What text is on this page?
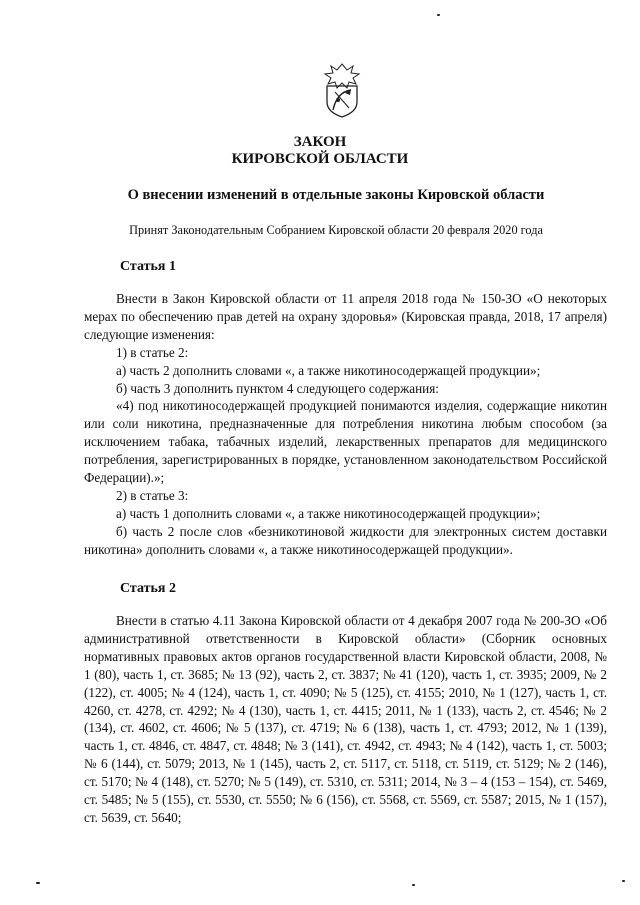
ЗАКОН
КИРОВСКОЙ ОБЛАСТИ
О внесении изменений в отдельные законы Кировской области
Принят Законодательным Собранием Кировской области 20 февраля 2020 года
Статья 1

Внести в Закон Кировской области от 11 апреля 2018 года № 150-ЗО «О некоторых мерах по обеспечению прав детей на охрану здоровья» (Кировская правда, 2018, 17 апреля) следующие изменения:

1) в статье 2:

а) часть 2 дополнить словами «, а также никотиносодержащей продукции»;

б) часть 3 дополнить пунктом 4 следующего содержания:

«4) под никотиносодержащей продукцией понимаются изделия, содержащие никотин или соли никотина, предназначенные для потребления никотина любым способом (за исключением табака, табачных изделий, лекарственных препаратов для медицинского потребления, зарегистрированных в порядке, установленном законодательством Российской Федерации).»;

2) в статье 3:

а) часть 1 дополнить словами «, а также никотиносодержащей продукции»;

б) часть 2 после слов «безникотиновой жидкости для электронных систем доставки никотина» дополнить словами «, а также никотиносодержащей продукции».

Статья 2

Внести в статью 4.11 Закона Кировской области от 4 декабря 2007 года № 200-ЗО «Об административной ответственности в Кировской области» (Сборник основных нормативных правовых актов органов государственной власти Кировской области, 2008, № 1 (80), часть 1, ст. 3685; № 13 (92), часть 2, ст. 3837; № 41 (120), часть 1, ст. 3935; 2009, № 2 (122), ст. 4005; № 4 (124), часть 1, ст. 4090; № 5 (125), ст. 4155; 2010, № 1 (127), часть 1, ст. 4260, ст. 4278, ст. 4292; № 4 (130), часть 1, ст. 4415; 2011, № 1 (133), часть 2, ст. 4546; № 2 (134), ст. 4602, ст. 4606; № 5 (137), ст. 4719; № 6 (138), часть 1, ст. 4793; 2012, № 1 (139), часть 1, ст. 4846, ст. 4847, ст. 4848; № 3 (141), ст. 4942, ст. 4943; № 4 (142), часть 1, ст. 5003; № 6 (144), ст. 5079; 2013, № 1 (145), часть 2, ст. 5117, ст. 5118, ст. 5119, ст. 5129; № 2 (146), ст. 5170; № 4 (148), ст. 5270; № 5 (149), ст. 5310, ст. 5311; 2014, № 3 – 4 (153 – 154), ст. 5469, ст. 5485; № 5 (155), ст. 5530, ст. 5550; № 6 (156), ст. 5568, ст. 5569, ст. 5587; 2015, № 1 (157), ст. 5639, ст. 5640;
